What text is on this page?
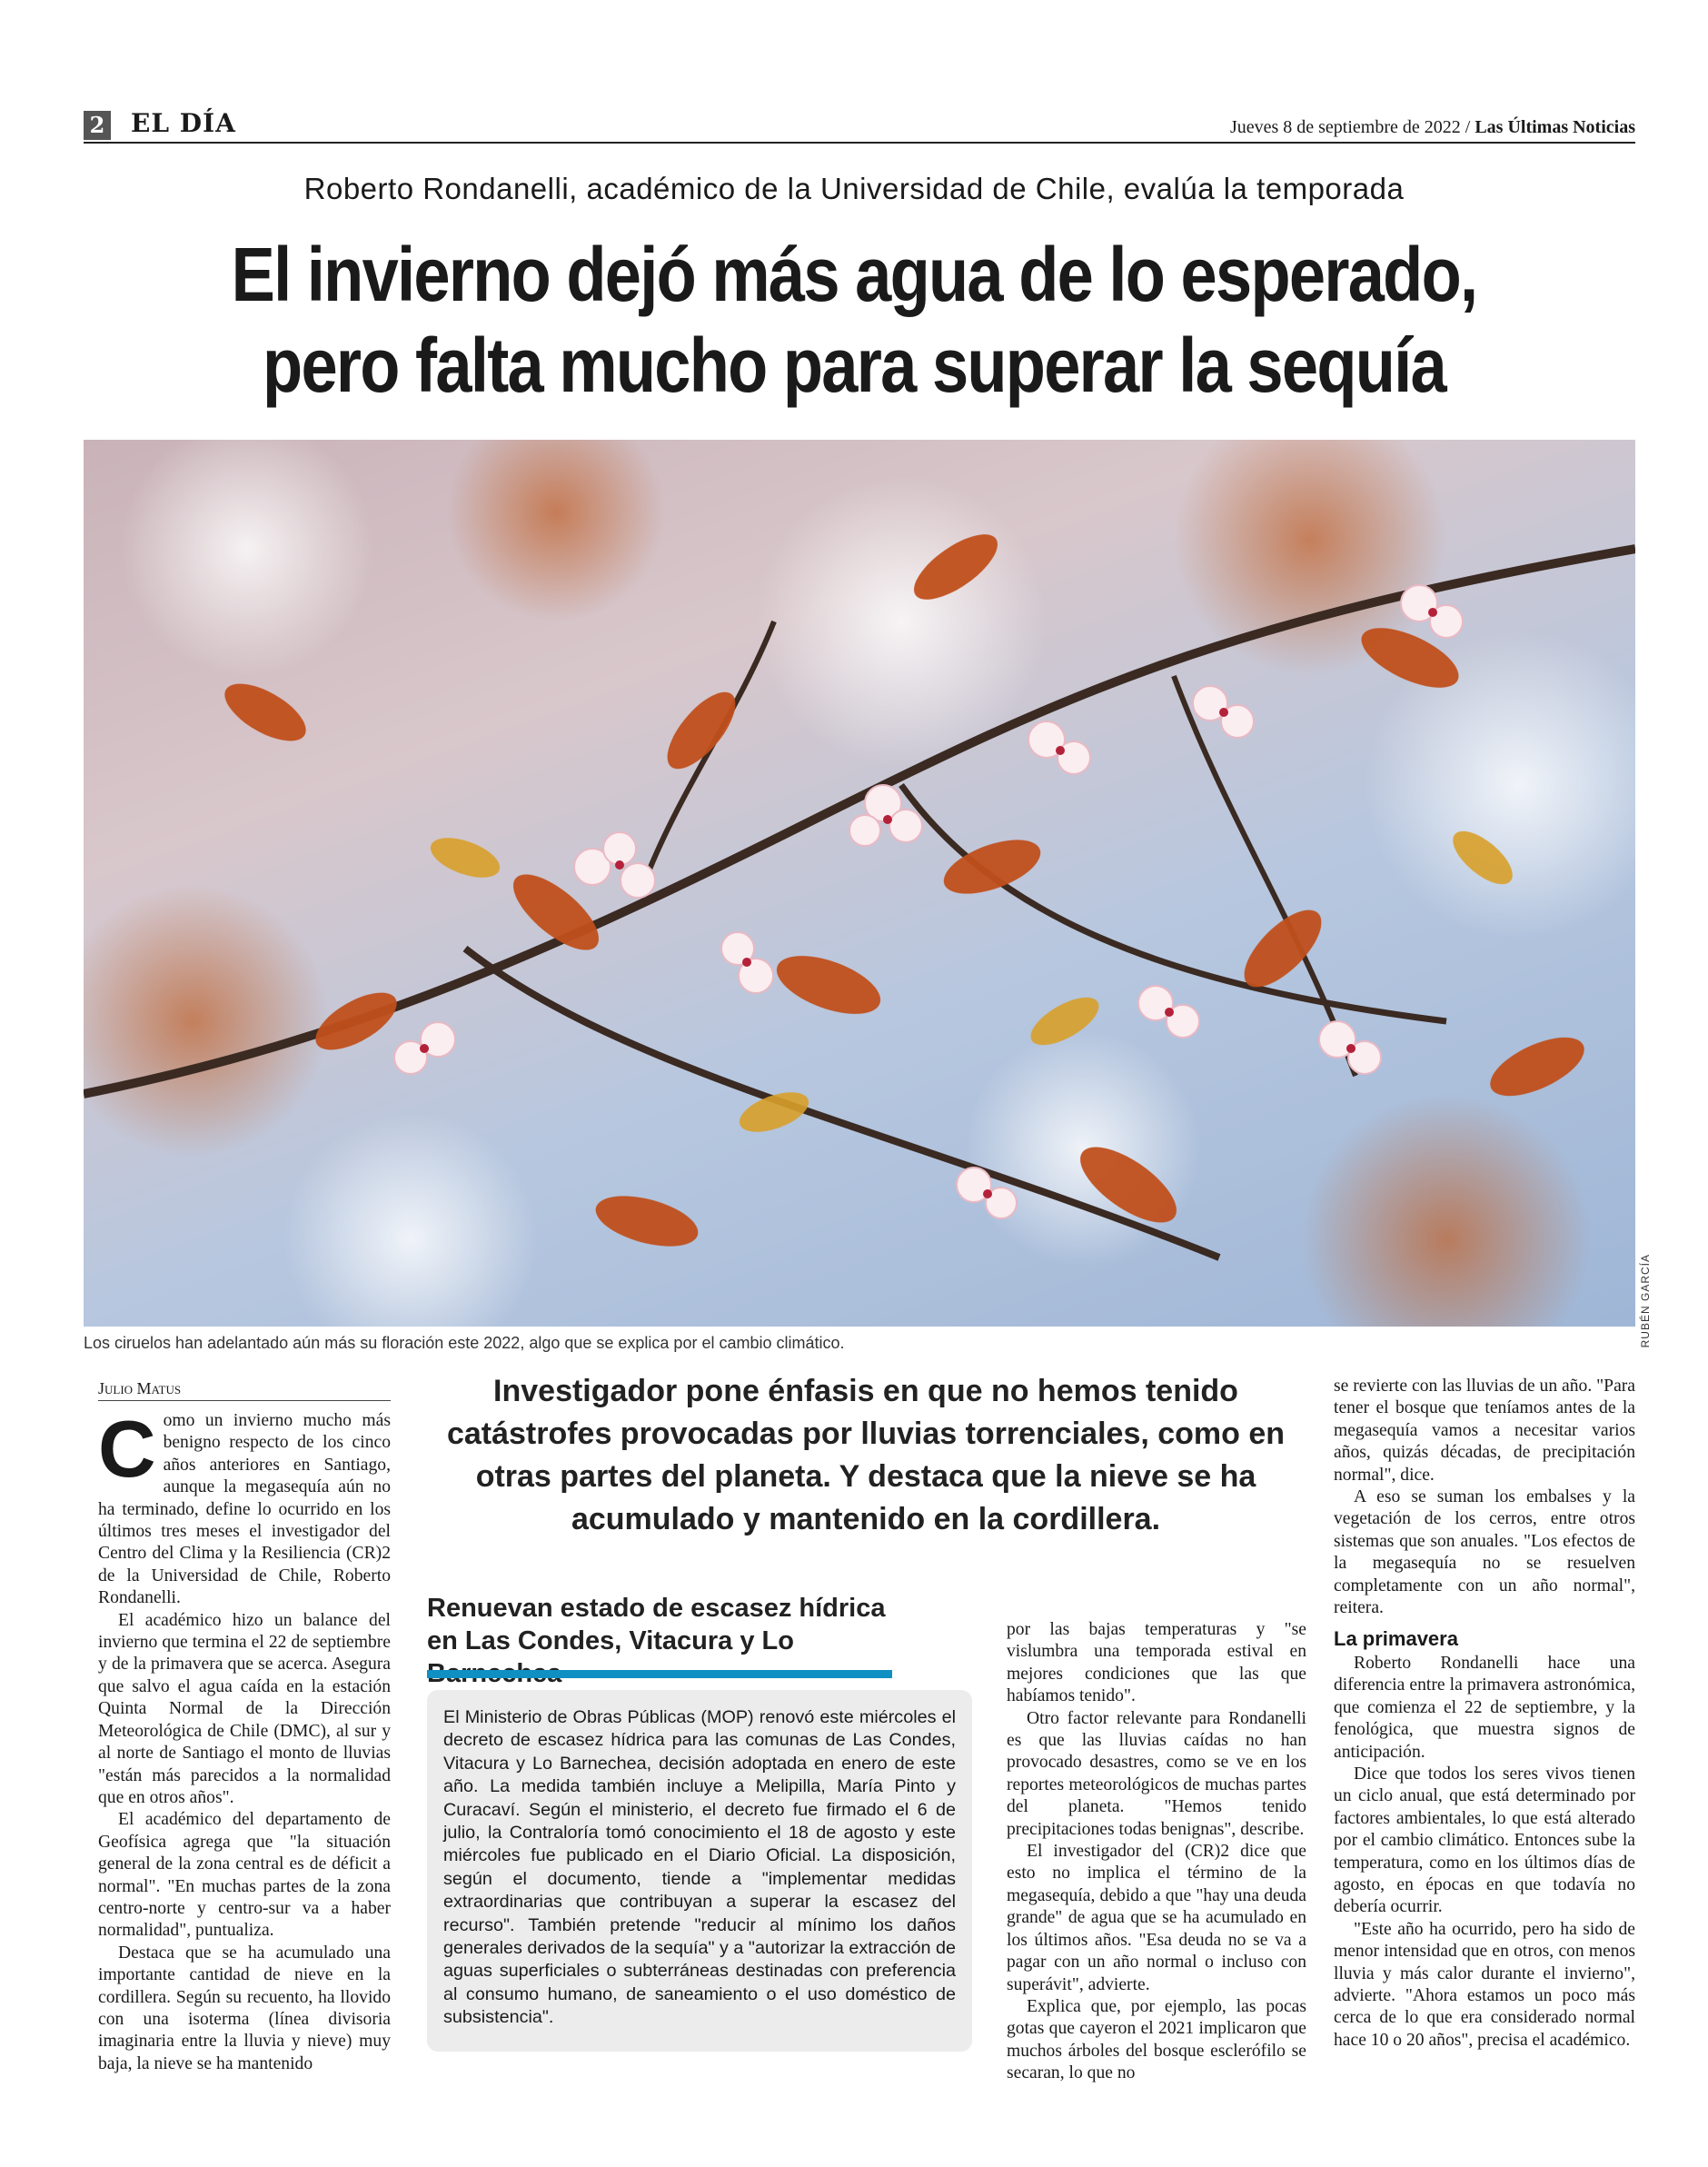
2 EL DÍA	Jueves 8 de septiembre de 2022 / Las Últimas Noticias
Roberto Rondanelli, académico de la Universidad de Chile, evalúa la temporada
El invierno dejó más agua de lo esperado,
pero falta mucho para superar la sequía
RUBÉN GARCÍA
Los ciruelos han adelantado aún más su floración este 2022, algo que se explica por el cambio climático.
Julio Matus

Como un invierno mucho más benigno respecto de los cinco años anteriores en Santiago, aunque la megasequía aún no ha terminado, define lo ocurrido en los últimos tres meses el investigador del Centro del Clima y la Resiliencia (CR)2 de la Universidad de Chile, Roberto Rondanelli.

El académico hizo un balance del invierno que termina el 22 de septiembre y de la primavera que se acerca. Asegura que salvo el agua caída en la estación Quinta Normal de la Dirección Meteorológica de Chile (DMC), al sur y al norte de Santiago el monto de lluvias "están más parecidos a la normalidad que en otros años".

El académico del departamento de Geofísica agrega que "la situación general de la zona central es de déficit a normal". "En muchas partes de la zona centro-norte y centro-sur va a haber normalidad", puntualiza.

Destaca que se ha acumulado una importante cantidad de nieve en la cordillera. Según su recuento, ha llovido con una isoterma (línea divisoria imaginaria entre la lluvia y nieve) muy baja, la nieve se ha mantenido

Investigador pone énfasis en que no hemos tenido catástrofes provocadas por lluvias torrenciales, como en otras partes del planeta. Y destaca que la nieve se ha acumulado y mantenido en la cordillera.
Renuevan estado de escasez hídrica en Las Condes, Vitacura y Lo
El Ministerio de Obras Públicas (MOP) renovó este miércoles el decreto de escasez hídrica para las comunas de Las Condes, Vitacura y Lo Barnechea, decisión adoptada en enero de este año. La medida también incluye a Melipilla, María Pinto y Curacaví. Según el ministerio, el decreto fue firmado el 6 de julio, la Contraloría tomó conocimiento el 18 de agosto y este miércoles fue publicado en el Diario Oficial. La disposición, según el documento, tiende a "implementar medidas extraordinarias que contribuyan a superar la escasez del recurso". También pretende "reducir al mínimo los daños generales derivados de la sequía" y a "autorizar la extracción de aguas superficiales o subterráneas destinadas con preferencia al consumo humano, de saneamiento o el uso doméstico de subsistencia".

por las bajas temperaturas y "se vislumbra una temporada estival en mejores condiciones que las que habíamos tenido".

Otro factor relevante para Rondanelli es que las lluvias caídas no han provocado desastres, como se ve en los reportes meteorológicos de muchas partes del planeta. "Hemos tenido precipitaciones todas benignas", describe.

El investigador del (CR)2 dice que esto no implica el término de la megasequía, debido a que "hay una deuda grande" de agua que se ha acumulado en los últimos años. "Esa deuda no se va a pagar con un año normal o incluso con superávit", advierte.

Explica que, por ejemplo, las pocas gotas que cayeron el 2021 implicaron que muchos árboles del bosque esclerófilo se secaran, lo que no

se revierte con las lluvias de un año. "Para tener el bosque que teníamos antes de la megasequía vamos a necesitar varios años, quizás décadas, de precipitación normal", dice.

A eso se suman los embalses y la vegetación de los cerros, entre otros sistemas que son anuales. "Los efectos de la megasequía no se resuelven completamente con un año normal", reitera.

La primavera

Roberto Rondanelli hace una diferencia entre la primavera astronómica, que comienza el 22 de septiembre, y la fenológica, que muestra signos de anticipación.

Dice que todos los seres vivos tienen un ciclo anual, que está determinado por factores ambientales, lo que está alterado por el cambio climático. Entonces sube la temperatura, como en los últimos días de agosto, en épocas en que todavía no debería ocurrir.

"Este año ha ocurrido, pero ha sido de menor intensidad que en otros, con menos lluvia y más calor durante el invierno", advierte. "Ahora estamos un poco más cerca de lo que era considerado normal hace 10 o 20 años", precisa el académico.
